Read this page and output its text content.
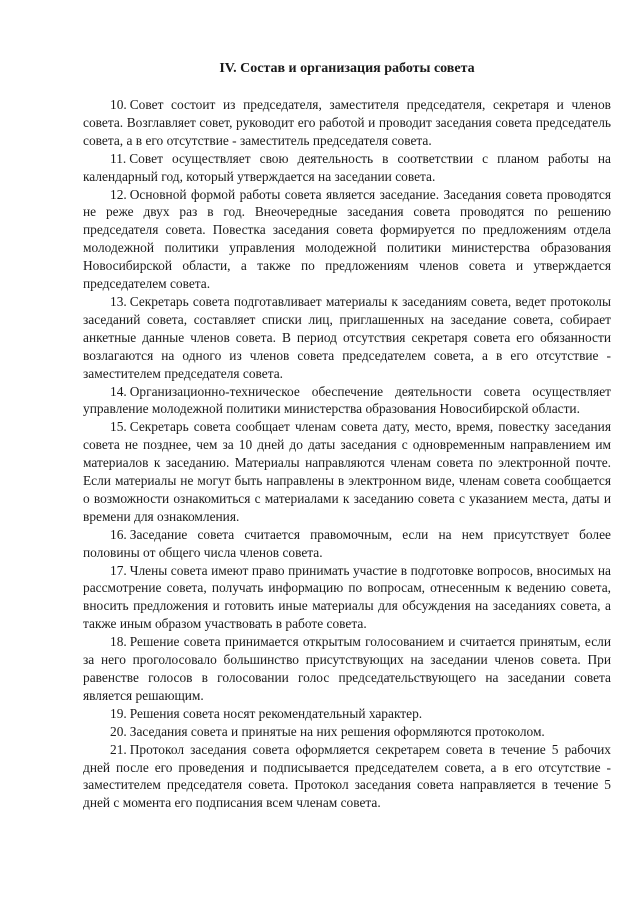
IV. Состав и организация работы совета

10. Совет состоит из председателя, заместителя председателя, секретаря и членов совета. Возглавляет совет, руководит его работой и проводит заседания совета председатель совета, а в его отсутствие - заместитель председателя совета.

11. Совет осуществляет свою деятельность в соответствии с планом работы на календарный год, который утверждается на заседании совета.

12. Основной формой работы совета является заседание. Заседания совета проводятся не реже двух раз в год. Внеочередные заседания совета проводятся по решению председателя совета. Повестка заседания совета формируется по предложениям отдела молодежной политики управления молодежной политики министерства образования Новосибирской области, а также по предложениям членов совета и утверждается председателем совета.

13. Секретарь совета подготавливает материалы к заседаниям совета, ведет протоколы заседаний совета, составляет списки лиц, приглашенных на заседание совета, собирает анкетные данные членов совета. В период отсутствия секретаря совета его обязанности возлагаются на одного из членов совета председателем совета, а в его отсутствие - заместителем председателя совета.

14. Организационно-техническое обеспечение деятельности совета осуществляет управление молодежной политики министерства образования Новосибирской области.

15. Секретарь совета сообщает членам совета дату, место, время, повестку заседания совета не позднее, чем за 10 дней до даты заседания с одновременным направлением им материалов к заседанию. Материалы направляются членам совета по электронной почте. Если материалы не могут быть направлены в электронном виде, членам совета сообщается о возможности ознакомиться с материалами к заседанию совета с указанием места, даты и времени для ознакомления.

16. Заседание совета считается правомочным, если на нем присутствует более половины от общего числа членов совета.

17. Члены совета имеют право принимать участие в подготовке вопросов, вносимых на рассмотрение совета, получать информацию по вопросам, отнесенным к ведению совета, вносить предложения и готовить иные материалы для обсуждения на заседаниях совета, а также иным образом участвовать в работе совета.

18. Решение совета принимается открытым голосованием и считается принятым, если за него проголосовало большинство присутствующих на заседании членов совета. При равенстве голосов в голосовании голос председательствующего на заседании совета является решающим.

19. Решения совета носят рекомендательный характер.

20. Заседания совета и принятые на них решения оформляются протоколом.

21. Протокол заседания совета оформляется секретарем совета в течение 5 рабочих дней после его проведения и подписывается председателем совета, а в его отсутствие - заместителем председателя совета. Протокол заседания совета направляется в течение 5 дней с момента его подписания всем членам совета.
